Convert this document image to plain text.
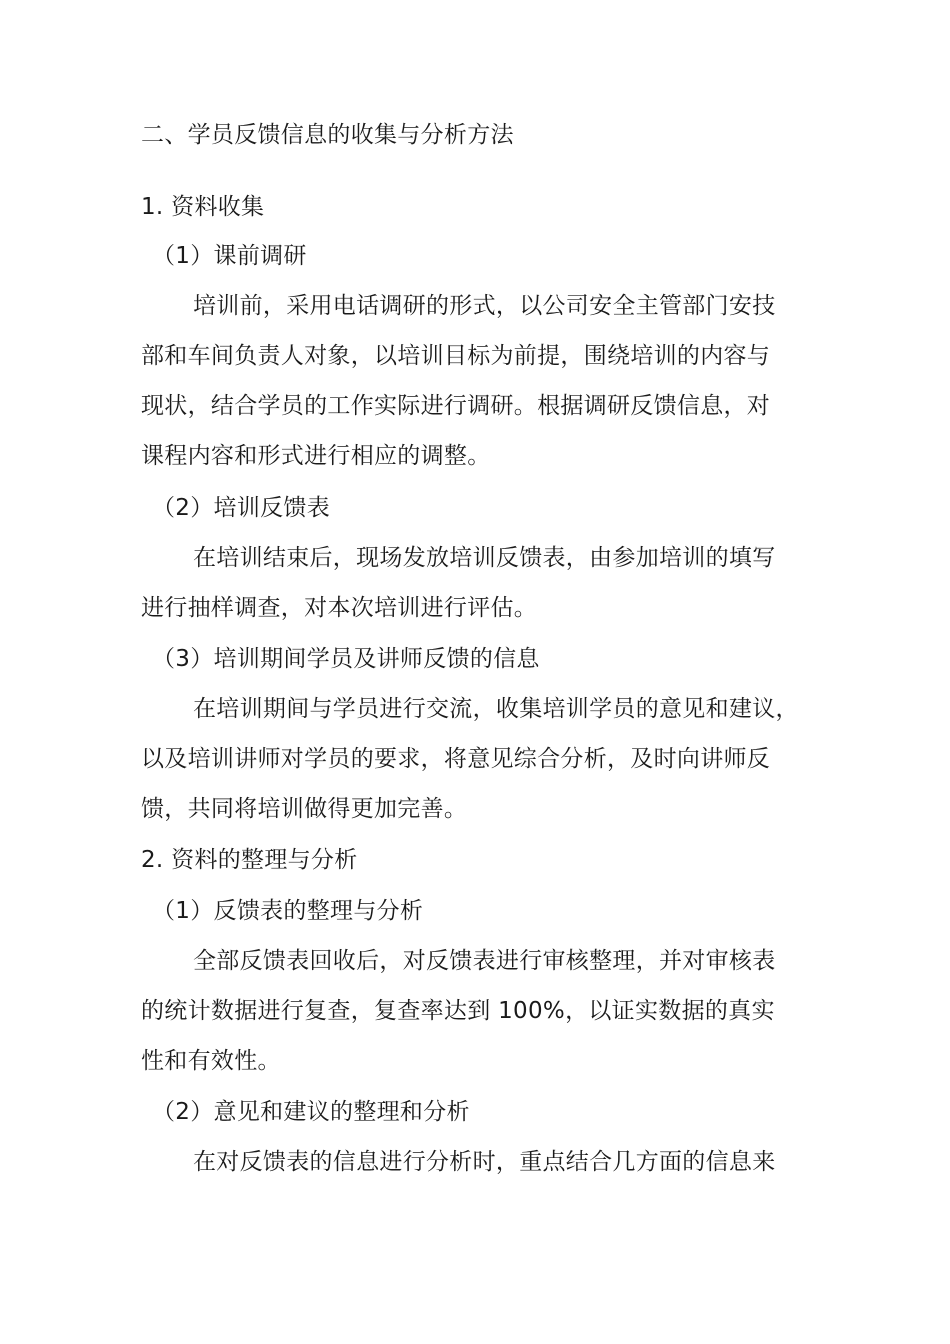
二、学员反馈信息的收集与分析方法
1. 资料收集
（1）课前调研
培训前，采用电话调研的形式，以公司安全主管部门安技
部和车间负责人对象，以培训目标为前提，围绕培训的内容与
现状，结合学员的工作实际进行调研。根据调研反馈信息，对
课程内容和形式进行相应的调整。
（2）培训反馈表
在培训结束后，现场发放培训反馈表，由参加培训的填写
进行抽样调查，对本次培训进行评估。
（3）培训期间学员及讲师反馈的信息
在培训期间与学员进行交流，收集培训学员的意见和建议，
以及培训讲师对学员的要求，将意见综合分析，及时向讲师反
馈，共同将培训做得更加完善。
2. 资料的整理与分析
（1）反馈表的整理与分析
全部反馈表回收后，对反馈表进行审核整理，并对审核表
的统计数据进行复查，复查率达到 100%，以证实数据的真实
性和有效性。
（2）意见和建议的整理和分析
在对反馈表的信息进行分析时，重点结合几方面的信息来
